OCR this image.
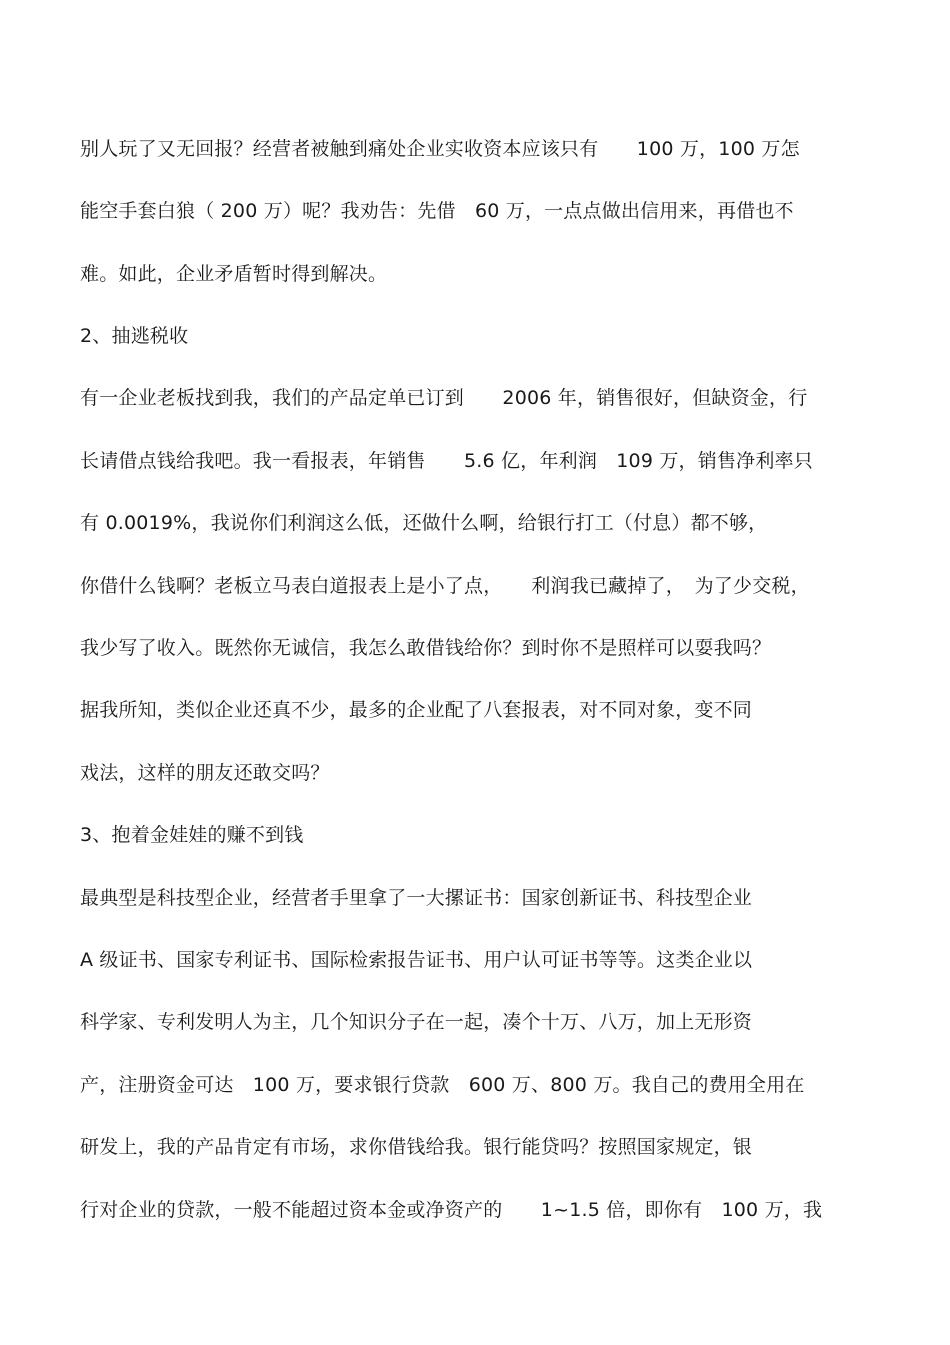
别人玩了又无回报？经营者被触到痛处企业实收资本应该只有　　100 万，100 万怎
能空手套白狼（ 200 万）呢？我劝告：先借　60 万，一点点做出信用来，再借也不
难。如此，企业矛盾暂时得到解决。
2、抽逃税收
有一企业老板找到我，我们的产品定单已订到　　2006 年，销售很好，但缺资金，行
长请借点钱给我吧。我一看报表，年销售　　5.6 亿，年利润　109 万，销售净利率只
有 0.0019%，我说你们利润这么低，还做什么啊，给银行打工（付息）都不够，
你借什么钱啊？老板立马表白道报表上是小了点，　　利润我已藏掉了，　为了少交税，
我少写了收入。既然你无诚信，我怎么敢借钱给你？到时你不是照样可以耍我吗？
据我所知，类似企业还真不少，最多的企业配了八套报表，对不同对象，变不同
戏法，这样的朋友还敢交吗？
3、抱着金娃娃的赚不到钱
最典型是科技型企业，经营者手里拿了一大摞证书：国家创新证书、科技型企业
A 级证书、国家专利证书、国际检索报告证书、用户认可证书等等。这类企业以
科学家、专利发明人为主，几个知识分子在一起，凑个十万、八万，加上无形资
产，注册资金可达　100 万，要求银行贷款　600 万、800 万。我自己的费用全用在
研发上，我的产品肯定有市场，求你借钱给我。银行能贷吗？按照国家规定，银
行对企业的贷款，一般不能超过资本金或净资产的　　1~1.5 倍，即你有　100 万，我
